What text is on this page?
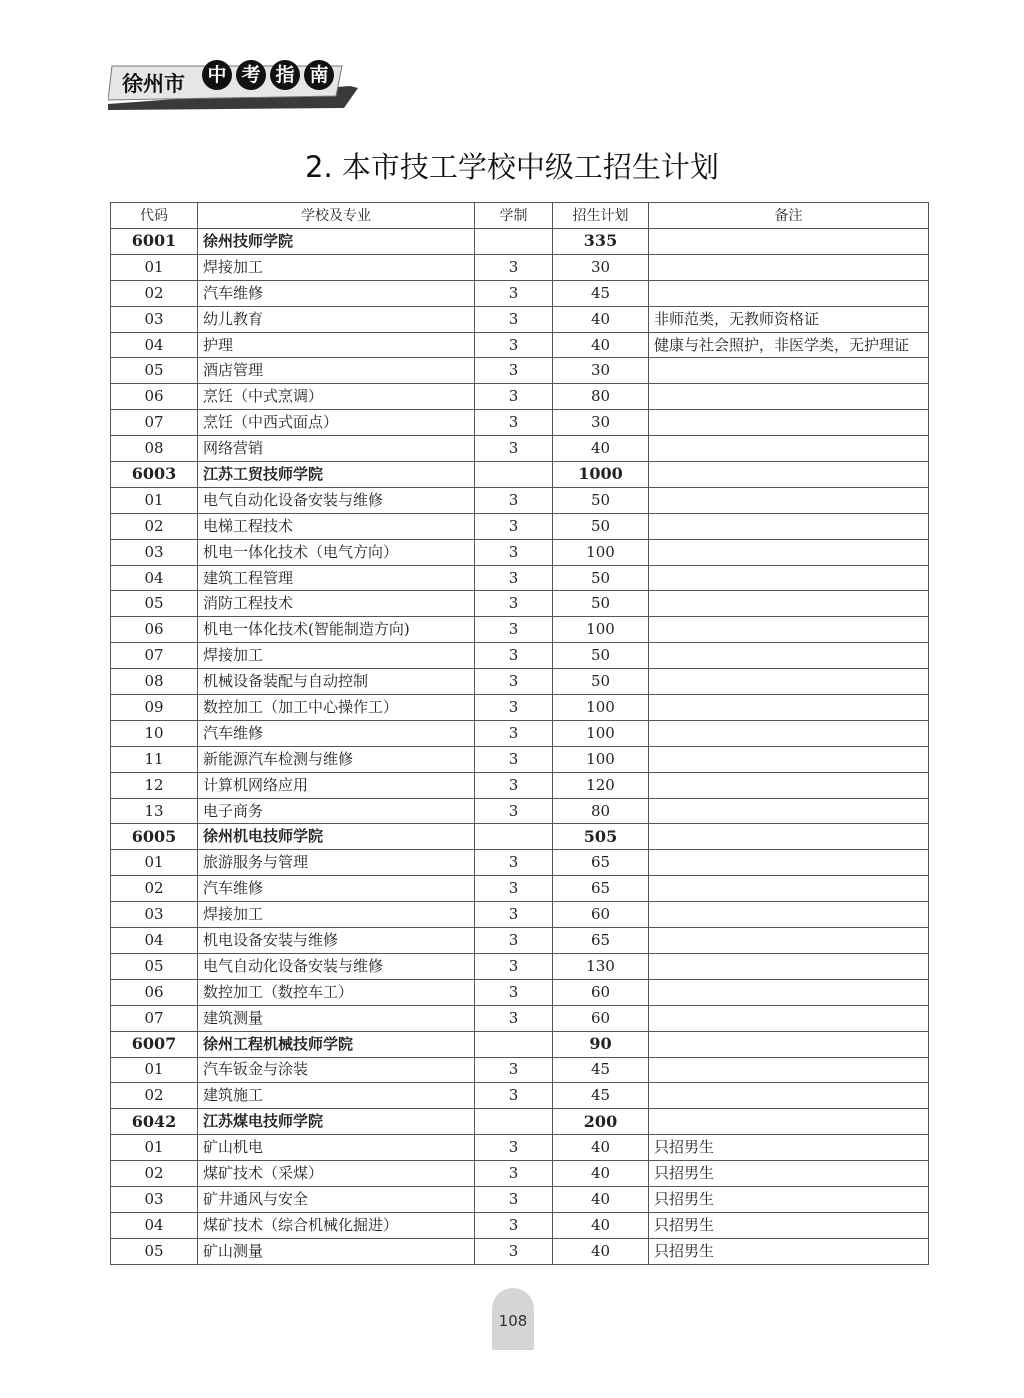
徐州市 中 考 指 南
2. 本市技工学校中级工招生计划
代码	学校及专业	学制	招生计划	备注
6001	徐州技师学院		335	
01	焊接加工	3	30	
02	汽车维修	3	45	
03	幼儿教育	3	40	非师范类，无教师资格证
04	护理	3	40	健康与社会照护，非医学类，无护理证
05	酒店管理	3	30	
06	烹饪（中式烹调）	3	80	
07	烹饪（中西式面点）	3	30	
08	网络营销	3	40	
6003	江苏工贸技师学院		1000	
01	电气自动化设备安装与维修	3	50	
02	电梯工程技术	3	50	
03	机电一体化技术（电气方向）	3	100	
04	建筑工程管理	3	50	
05	消防工程技术	3	50	
06	机电一体化技术(智能制造方向)	3	100	
07	焊接加工	3	50	
08	机械设备装配与自动控制	3	50	
09	数控加工（加工中心操作工）	3	100	
10	汽车维修	3	100	
11	新能源汽车检测与维修	3	100	
12	计算机网络应用	3	120	
13	电子商务	3	80	
6005	徐州机电技师学院		505	
01	旅游服务与管理	3	65	
02	汽车维修	3	65	
03	焊接加工	3	60	
04	机电设备安装与维修	3	65	
05	电气自动化设备安装与维修	3	130	
06	数控加工（数控车工）	3	60	
07	建筑测量	3	60	
6007	徐州工程机械技师学院		90	
01	汽车钣金与涂装	3	45	
02	建筑施工	3	45	
6042	江苏煤电技师学院		200	
01	矿山机电	3	40	只招男生
02	煤矿技术（采煤）	3	40	只招男生
03	矿井通风与安全	3	40	只招男生
04	煤矿技术（综合机械化掘进）	3	40	只招男生
05	矿山测量	3	40	只招男生
108
